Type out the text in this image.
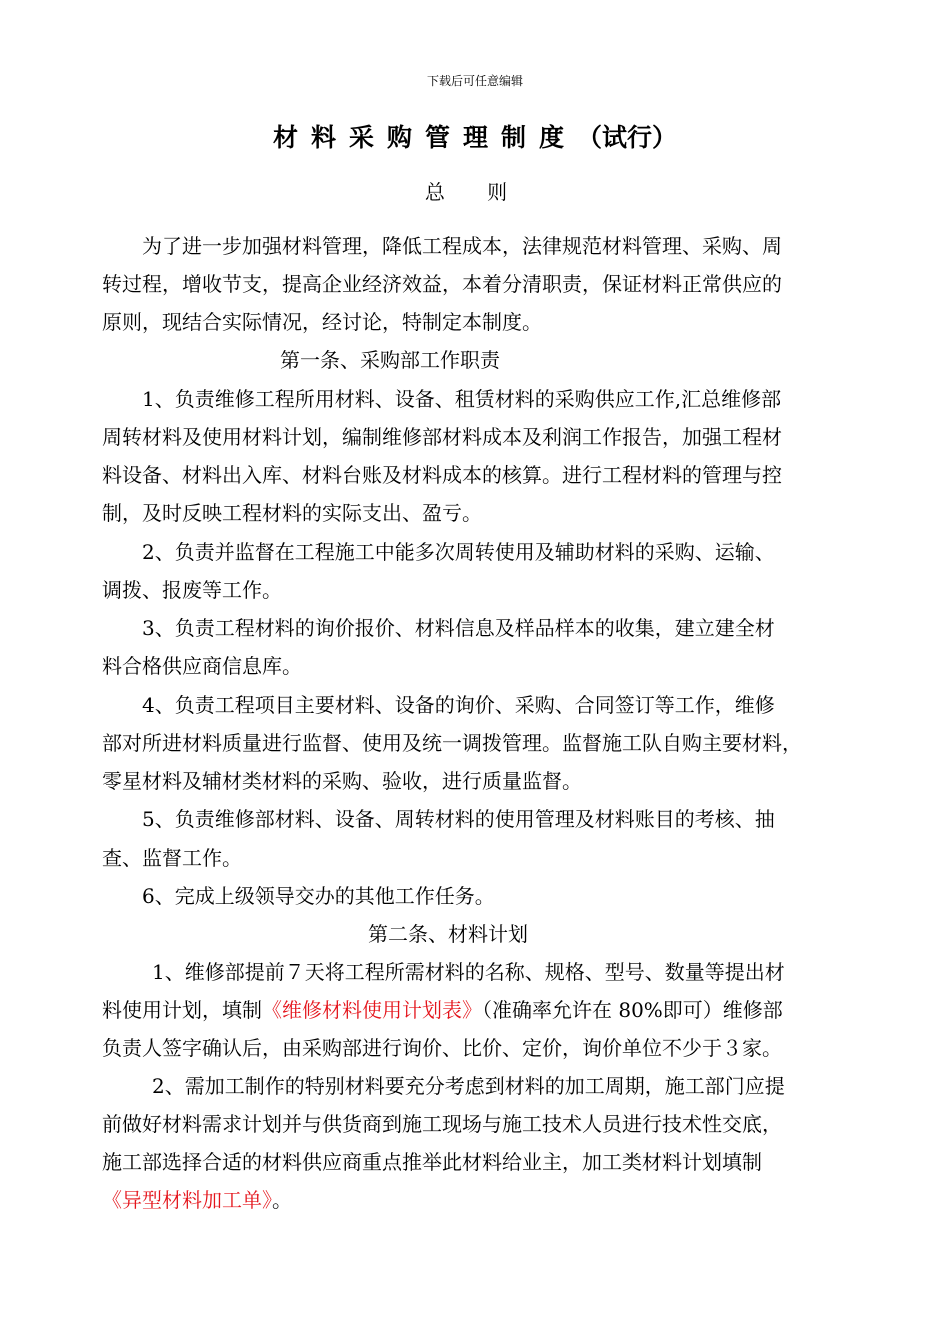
下载后可任意编辑
材料采购管理制度（试行）
总 则
为了进一步加强材料管理，降低工程成本，法律规范材料管理、采购、周
转过程，增收节支，提高企业经济效益，本着分清职责，保证材料正常供应的
原则，现结合实际情况，经讨论，特制定本制度。
第一条、采购部工作职责
1、负责维修工程所用材料、设备、租赁材料的采购供应工作,汇总维修部
周转材料及使用材料计划，编制维修部材料成本及利润工作报告，加强工程材
料设备、材料出入库、材料台账及材料成本的核算。进行工程材料的管理与控
制，及时反映工程材料的实际支出、盈亏。
2、负责并监督在工程施工中能多次周转使用及辅助材料的采购、运输、
调拨、报废等工作。
3、负责工程材料的询价报价、材料信息及样品样本的收集，建立建全材
料合格供应商信息库。
4、负责工程项目主要材料、设备的询价、采购、合同签订等工作，维修
部对所进材料质量进行监督、使用及统一调拨管理。监督施工队自购主要材料，
零星材料及辅材类材料的采购、验收，进行质量监督。
5、负责维修部材料、设备、周转材料的使用管理及材料账目的考核、抽
查、监督工作。
6、完成上级领导交办的其他工作任务。
第二条、材料计划
1、维修部提前７天将工程所需材料的名称、规格、型号、数量等提出材
料使用计划，填制《维修材料使用计划表》（准确率允许在 80%即可）维修部
负责人签字确认后，由采购部进行询价、比价、定价，询价单位不少于３家。
2、需加工制作的特别材料要充分考虑到材料的加工周期，施工部门应提
前做好材料需求计划并与供货商到施工现场与施工技术人员进行技术性交底，
施工部选择合适的材料供应商重点推举此材料给业主，加工类材料计划填制
《异型材料加工单》。
